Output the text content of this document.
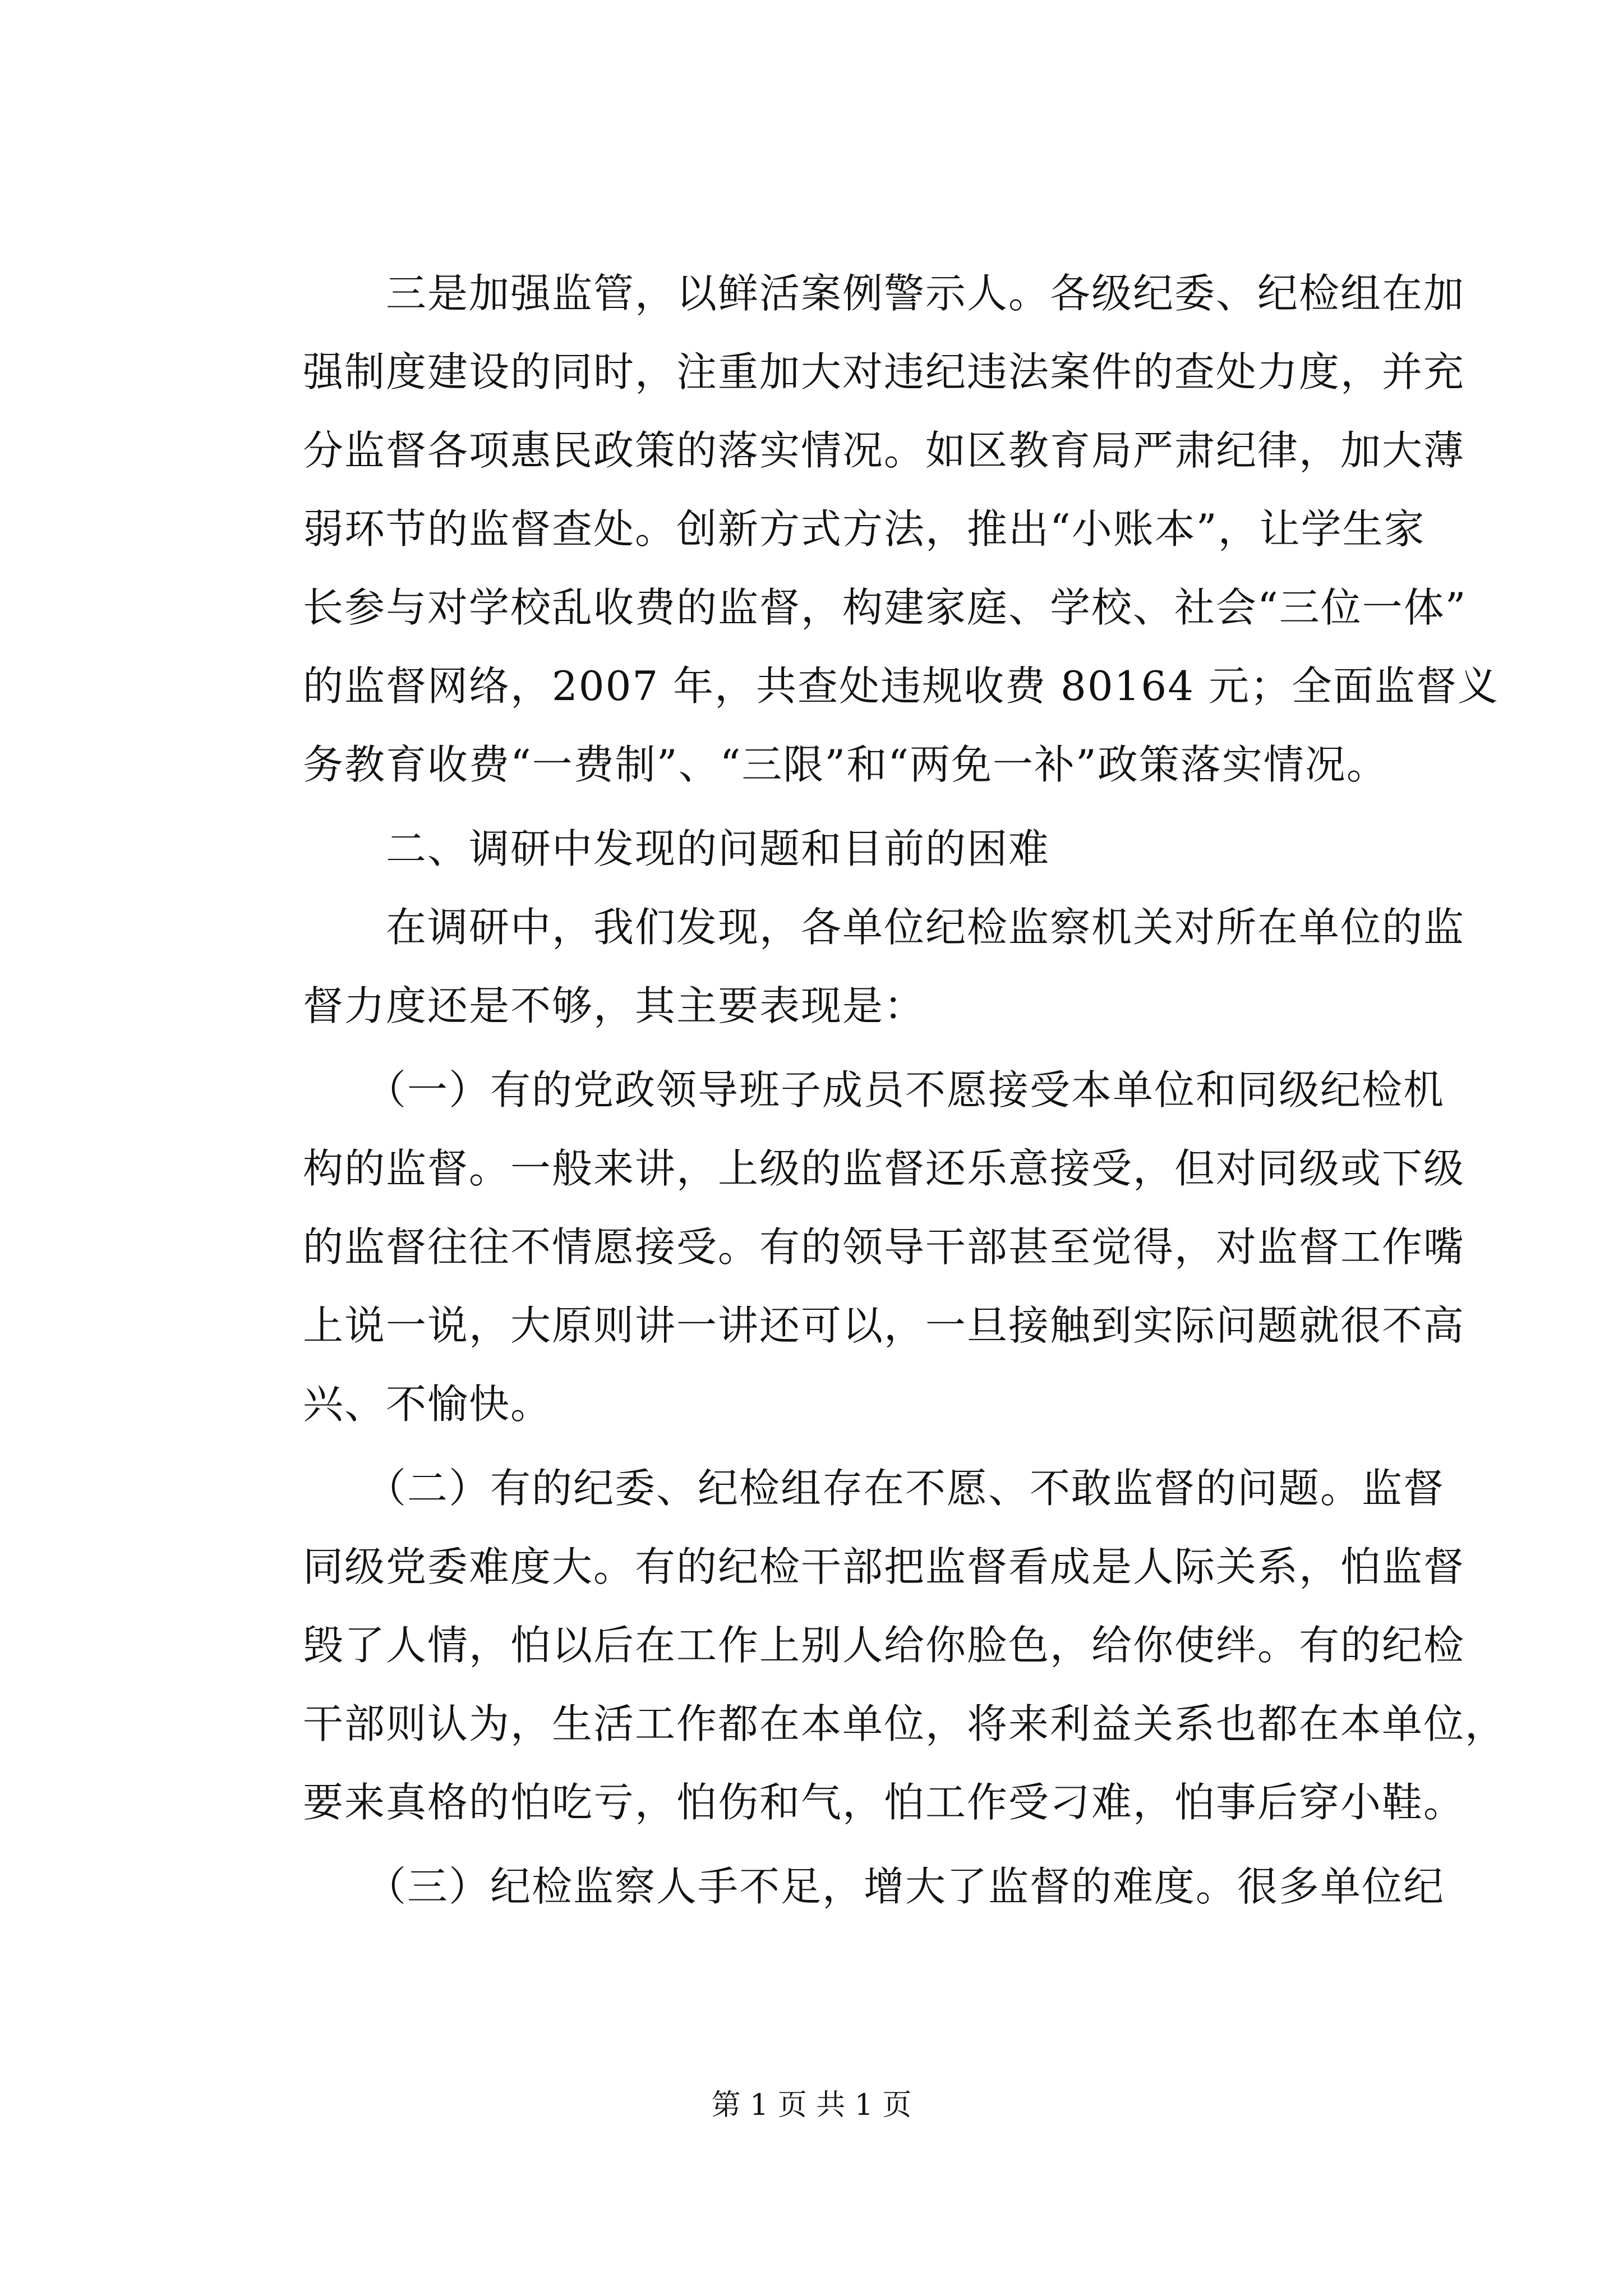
　　三是加强监管，以鲜活案例警示人。各级纪委、纪检组在加
强制度建设的同时，注重加大对违纪违法案件的查处力度，并充
分监督各项惠民政策的落实情况。如区教育局严肃纪律，加大薄
弱环节的监督查处。创新方式方法，推出“小账本”，让学生家
长参与对学校乱收费的监督，构建家庭、学校、社会“三位一体”
的监督网络，2007 年，共查处违规收费 80164 元；全面监督义
务教育收费“一费制”、“三限”和“两免一补”政策落实情况。
　　二、调研中发现的问题和目前的困难
　　在调研中，我们发现，各单位纪检监察机关对所在单位的监
督力度还是不够，其主要表现是：
　　（一）有的党政领导班子成员不愿接受本单位和同级纪检机
构的监督。一般来讲，上级的监督还乐意接受，但对同级或下级
的监督往往不情愿接受。有的领导干部甚至觉得，对监督工作嘴
上说一说，大原则讲一讲还可以，一旦接触到实际问题就很不高
兴、不愉快。
　　（二）有的纪委、纪检组存在不愿、不敢监督的问题。监督
同级党委难度大。有的纪检干部把监督看成是人际关系，怕监督
毁了人情，怕以后在工作上别人给你脸色，给你使绊。有的纪检
干部则认为，生活工作都在本单位，将来利益关系也都在本单位，
要来真格的怕吃亏，怕伤和气，怕工作受刁难，怕事后穿小鞋。
　　（三）纪检监察人手不足，增大了监督的难度。很多单位纪
第 1 页 共 1 页
